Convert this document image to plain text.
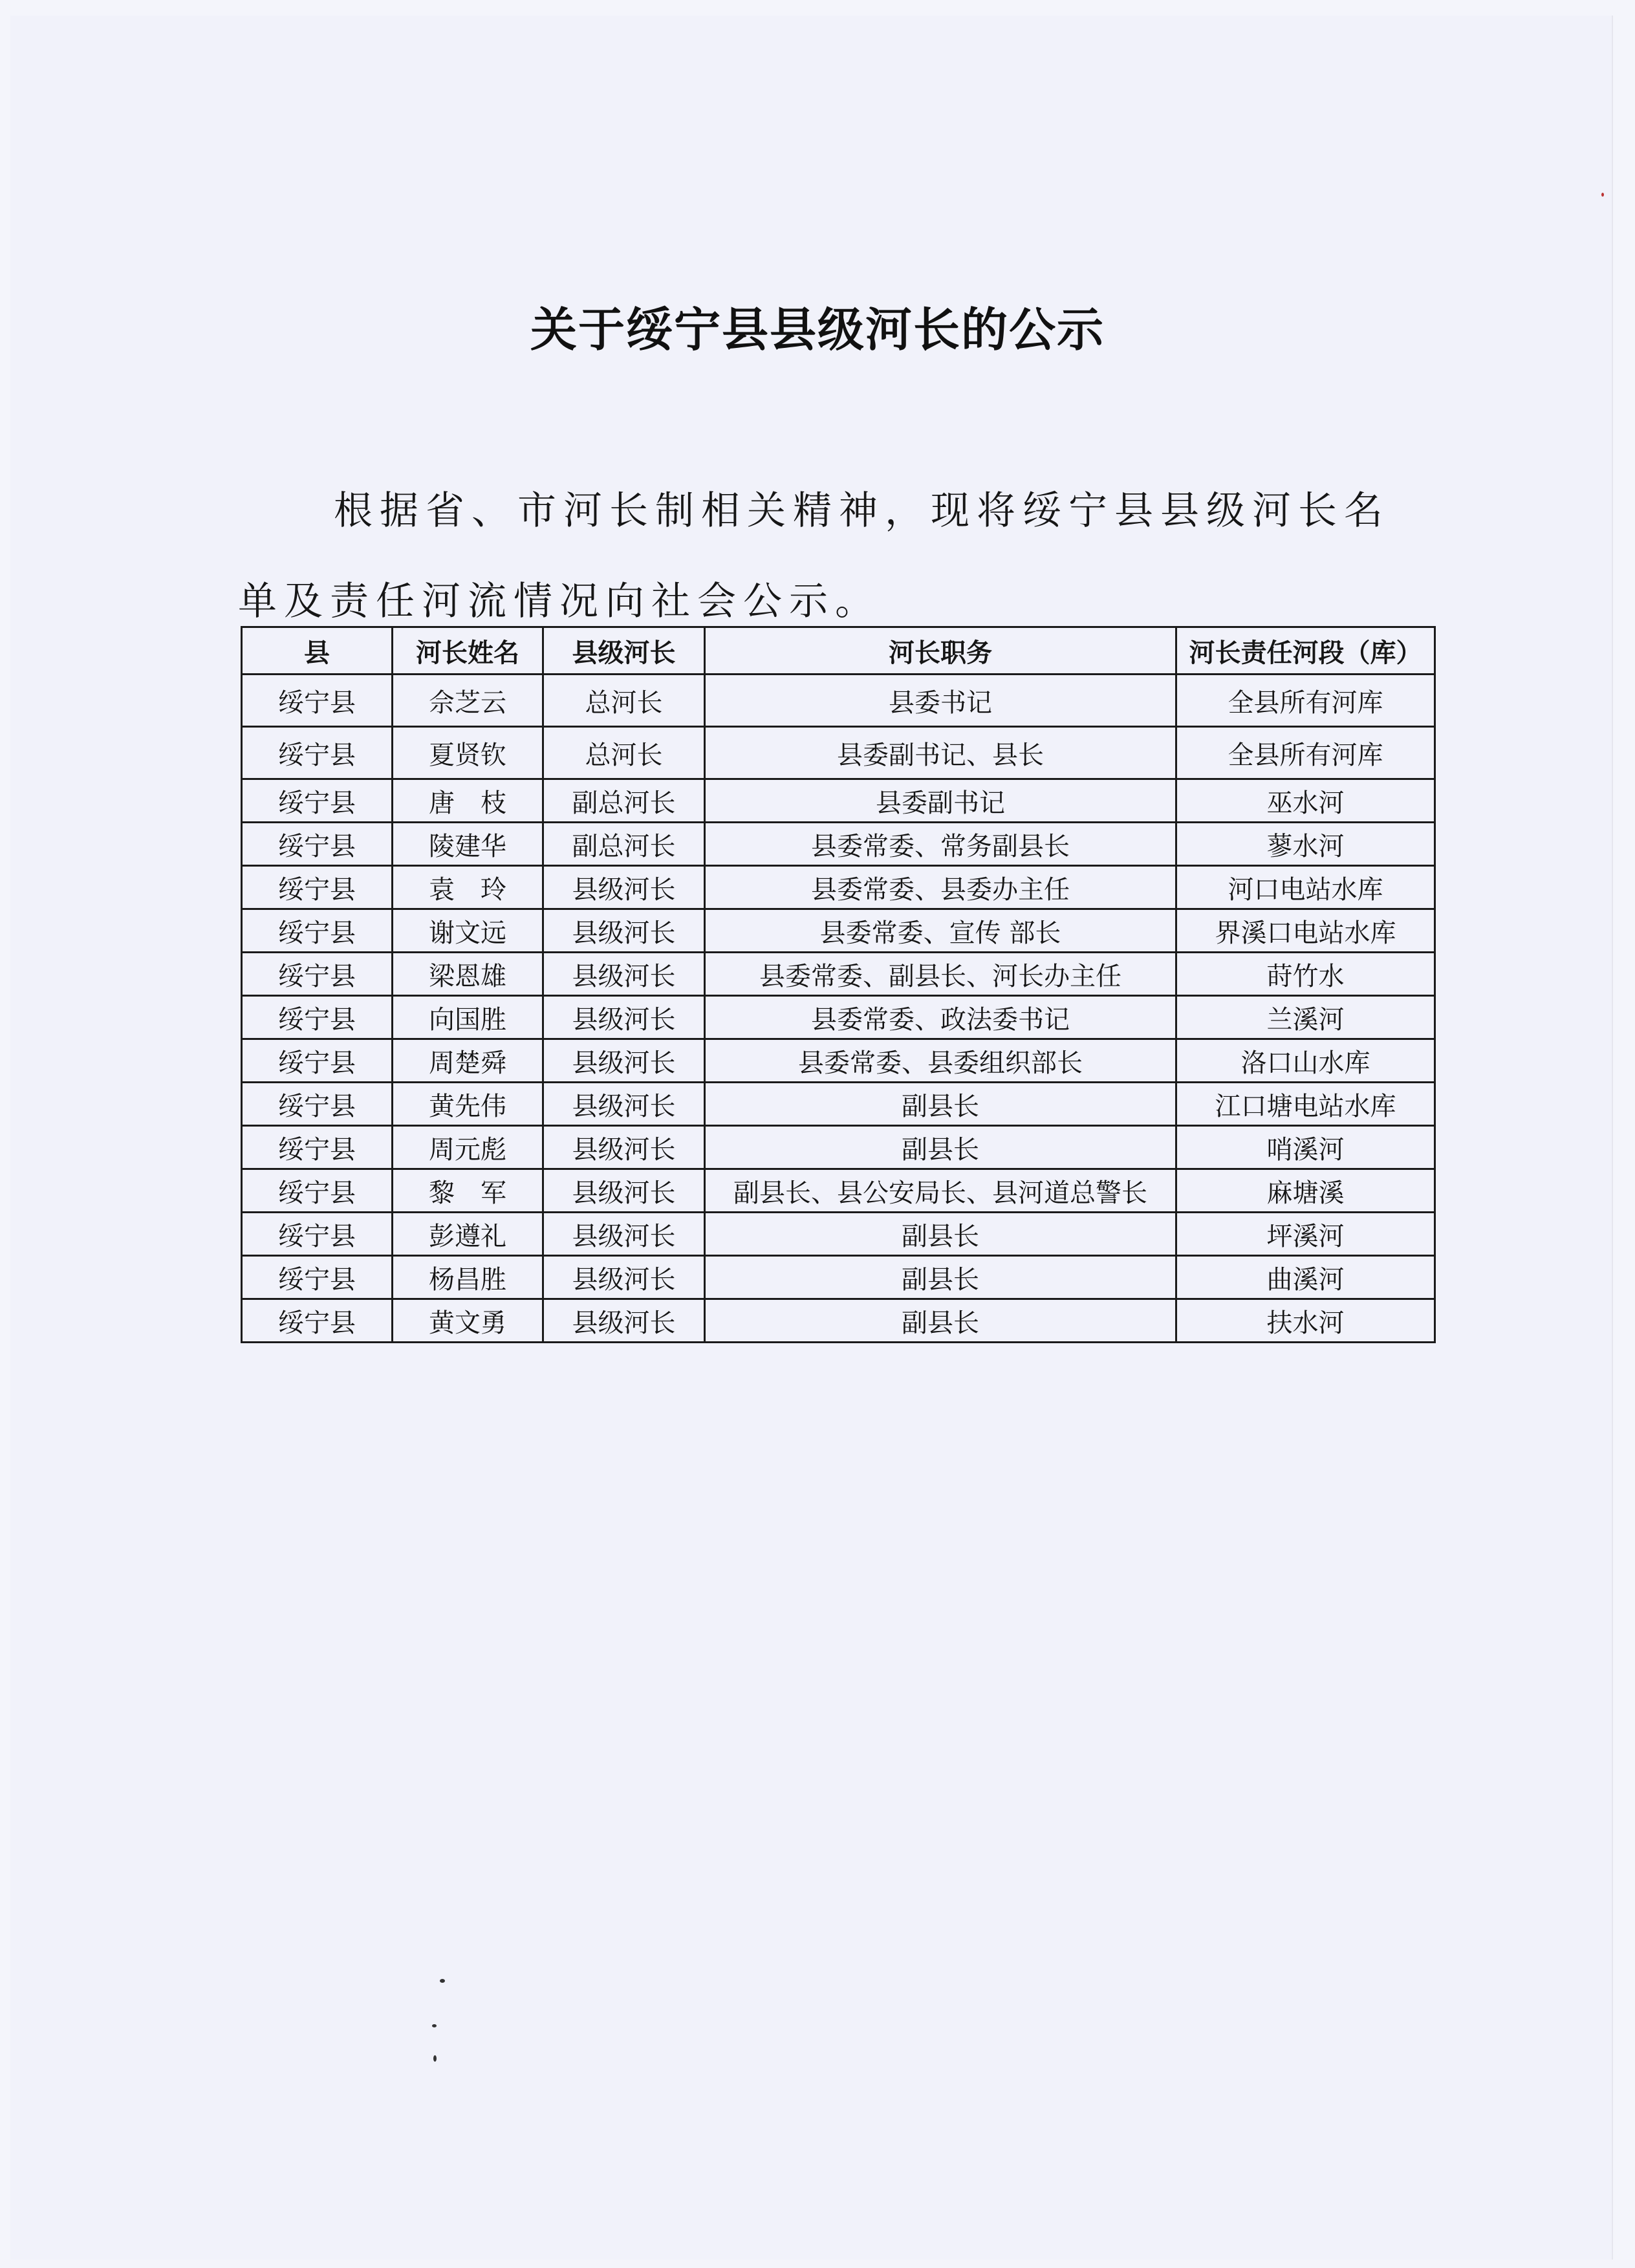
关于绥宁县县级河长的公示
根据省、市河长制相关精神，现将绥宁县县级河长名单及责任河流情况向社会公示。
县	河长姓名	县级河长	河长职务	河长责任河段（库）
绥宁县	佘芝云	总河长	县委书记	全县所有河库
绥宁县	夏贤钦	总河长	县委副书记、县长	全县所有河库
绥宁县	唐　枝	副总河长	县委副书记	巫水河
绥宁县	陵建华	副总河长	县委常委、常务副县长	蓼水河
绥宁县	袁　玲	县级河长	县委常委、县委办主任	河口电站水库
绥宁县	谢文远	县级河长	县委常委、宣传 部长	界溪口电站水库
绥宁县	梁恩雄	县级河长	县委常委、副县长、河长办主任	莳竹水
绥宁县	向国胜	县级河长	县委常委、政法委书记	兰溪河
绥宁县	周楚舜	县级河长	县委常委、县委组织部长	洛口山水库
绥宁县	黄先伟	县级河长	副县长	江口塘电站水库
绥宁县	周元彪	县级河长	副县长	哨溪河
绥宁县	黎　军	县级河长	副县长、县公安局长、县河道总警长	麻塘溪
绥宁县	彭遵礼	县级河长	副县长	坪溪河
绥宁县	杨昌胜	县级河长	副县长	曲溪河
绥宁县	黄文勇	县级河长	副县长	扶水河
